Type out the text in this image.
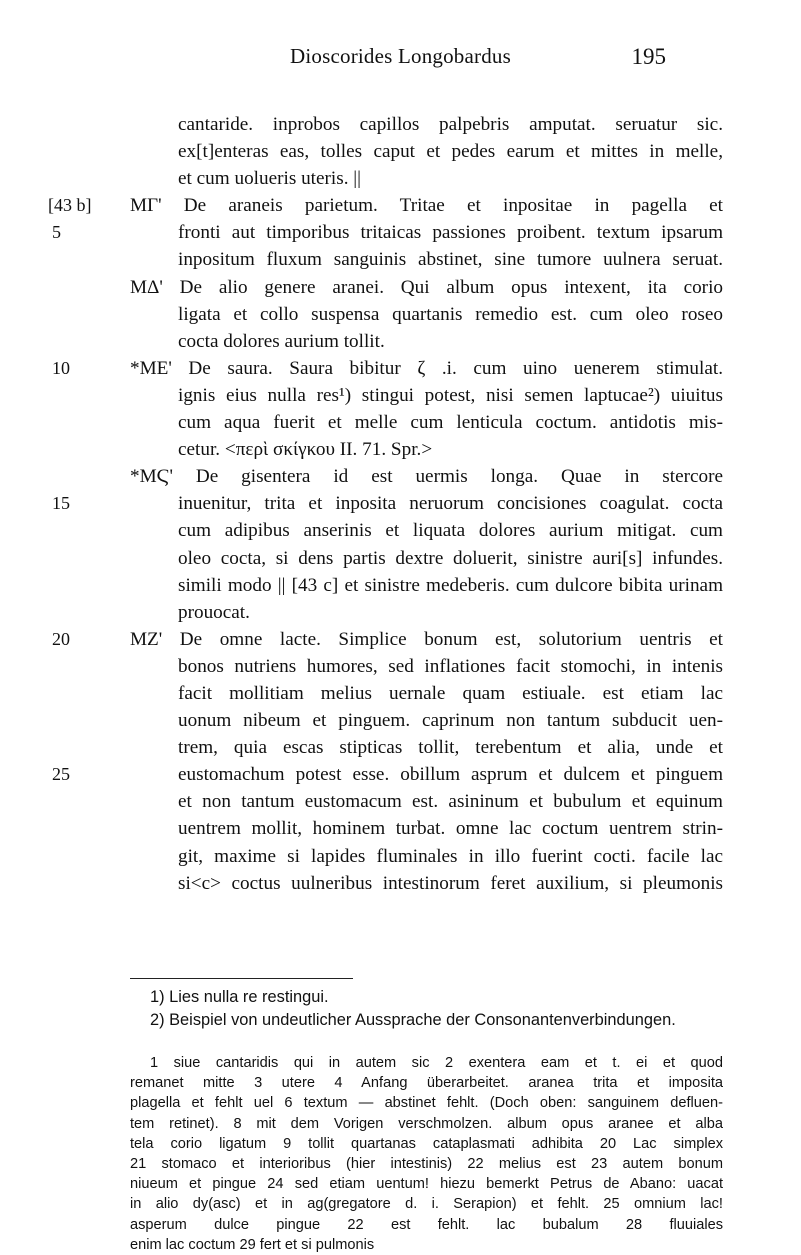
Dioscorides Longobardus	195
cantaride. inprobos capillos palpebris amputat. seruatur sic.
ex[t]enteras eas, tolles caput et pedes earum et mittes in melle,
et cum uolueris uteris. ||
[43 b] MΓ' De araneis parietum. Tritae et inpositae in pagella et
5	fronti aut timporibus tritaicas passiones proibent. textum ipsarum
inpositum fluxum sanguinis abstinet, sine tumore uulnera seruat.
MΔ' De alio genere aranei. Qui album opus intexent, ita corio
ligata et collo suspensa quartanis remedio est. cum oleo roseo
cocta dolores aurium tollit.
10	*ME' De saura. Saura bibitur ζ .i. cum uino uenerem stimulat.
ignis eius nulla res¹) stingui potest, nisi semen laptucae²) uiuitus
cum aqua fuerit et melle cum lenticula coctum. antidotis mis-
cetur. <περὶ σκίγκου II. 71. Spr.>
*MϚ' De gisentera id est uermis longa. Quae in stercore
15	inuenitur, trita et inposita neruorum concisiones coagulat. cocta
cum adipibus anserinis et liquata dolores aurium mitigat. cum
oleo cocta, si dens partis dextre doluerit, sinistre auri[s] infundes.
simili modo || [43 c] et sinistre medeberis. cum dulcore bibita urinam
prouocat.
20	MZ' De omne lacte. Simplice bonum est, solutorium uentris et
bonos nutriens humores, sed inflationes facit stomochi, in intenis
facit mollitiam melius uernale quam estiuale. est etiam lac
uonum nibeum et pinguem. caprinum non tantum subducit uen-
trem, quia escas stipticas tollit, terebentum et alia, unde et
25	eustomachum potest esse. obillum asprum et dulcem et pinguem
et non tantum eustomacum est. asininum et bubulum et equinum
uentrem mollit, hominem turbat. omne lac coctum uentrem strin-
git, maxime si lapides fluminales in illo fuerint cocti. facile lac
si<c> coctus uulneribus intestinorum feret auxilium, si pleumonis
1) Lies nulla re restingui.
2) Beispiel von undeutlicher Aussprache der Consonantenverbindungen.
1 siue cantaridis qui in autem sic 2 exentera eam et t. ei et quod
remanet mitte 3 utere 4 Anfang überarbeitet. aranea trita et imposita
plagella et fehlt uel 6 textum — abstinet fehlt. (Doch oben: sanguinem defluen-
tem retinet). 8 mit dem Vorigen verschmolzen. album opus aranee et alba
tela corio ligatum 9 tollit quartanas cataplasmati adhibita 20 Lac simplex
21 stomaco et interioribus (hier intestinis) 22 melius est 23 autem bonum
niueum et pingue 24 sed etiam uentum! hiezu bemerkt Petrus de Abano: uacat
in alio dy(asc) et in ag(gregatore d. i. Serapion) et fehlt. 25 omnium lac!
asperum dulce pingue 22 est fehlt. lac bubalum 28 fluuiales
enim lac coctum 29 fert et si pulmonis
